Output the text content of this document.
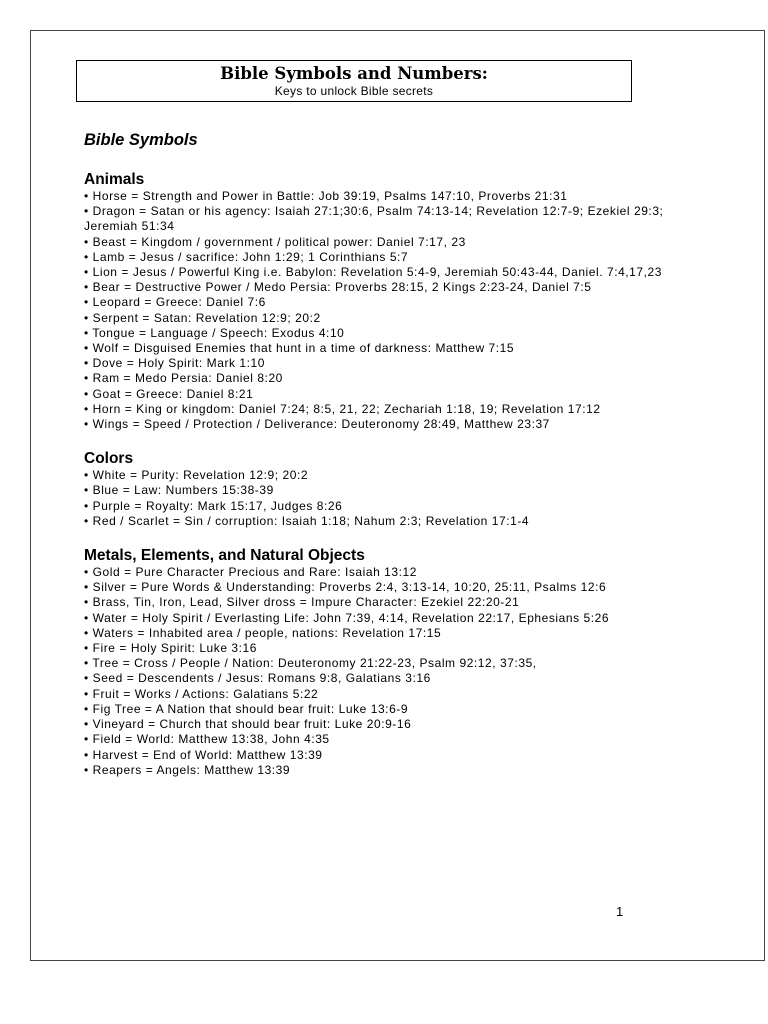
Bible Symbols and Numbers:
Keys to unlock Bible secrets
Bible Symbols
Animals
• Horse = Strength and Power in Battle: Job 39:19, Psalms 147:10, Proverbs 21:31
• Dragon = Satan or his agency: Isaiah 27:1;30:6, Psalm 74:13-14; Revelation 12:7-9; Ezekiel 29:3; Jeremiah 51:34
• Beast = Kingdom / government / political power: Daniel 7:17, 23
• Lamb = Jesus / sacrifice: John 1:29; 1 Corinthians 5:7
• Lion = Jesus / Powerful King i.e. Babylon: Revelation 5:4-9, Jeremiah 50:43-44, Daniel. 7:4,17,23
• Bear = Destructive Power / Medo Persia: Proverbs 28:15, 2 Kings 2:23-24, Daniel 7:5
• Leopard = Greece: Daniel 7:6
• Serpent = Satan: Revelation 12:9; 20:2
• Tongue = Language / Speech: Exodus 4:10
• Wolf = Disguised Enemies that hunt in a time of darkness: Matthew 7:15
• Dove = Holy Spirit: Mark 1:10
• Ram = Medo Persia: Daniel 8:20
• Goat = Greece: Daniel 8:21
• Horn = King or kingdom: Daniel 7:24; 8:5, 21, 22; Zechariah 1:18, 19; Revelation 17:12
• Wings = Speed / Protection / Deliverance: Deuteronomy 28:49, Matthew 23:37
Colors
• White = Purity: Revelation 12:9; 20:2
• Blue = Law: Numbers 15:38-39
• Purple = Royalty: Mark 15:17, Judges 8:26
• Red / Scarlet = Sin / corruption: Isaiah 1:18; Nahum 2:3; Revelation 17:1-4
Metals, Elements, and Natural Objects
• Gold = Pure Character Precious and Rare: Isaiah 13:12
• Silver = Pure Words & Understanding: Proverbs 2:4, 3:13-14, 10:20, 25:11, Psalms 12:6
• Brass, Tin, Iron, Lead, Silver dross = Impure Character: Ezekiel 22:20-21
• Water = Holy Spirit / Everlasting Life: John 7:39, 4:14, Revelation 22:17, Ephesians 5:26
• Waters = Inhabited area / people, nations: Revelation 17:15
• Fire = Holy Spirit: Luke 3:16
• Tree = Cross / People / Nation: Deuteronomy 21:22-23, Psalm 92:12, 37:35,
• Seed = Descendents / Jesus: Romans 9:8, Galatians 3:16
• Fruit = Works / Actions: Galatians 5:22
• Fig Tree = A Nation that should bear fruit: Luke 13:6-9
• Vineyard = Church that should bear fruit: Luke 20:9-16
• Field = World: Matthew 13:38, John 4:35
• Harvest = End of World: Matthew 13:39
• Reapers = Angels: Matthew 13:39
1
